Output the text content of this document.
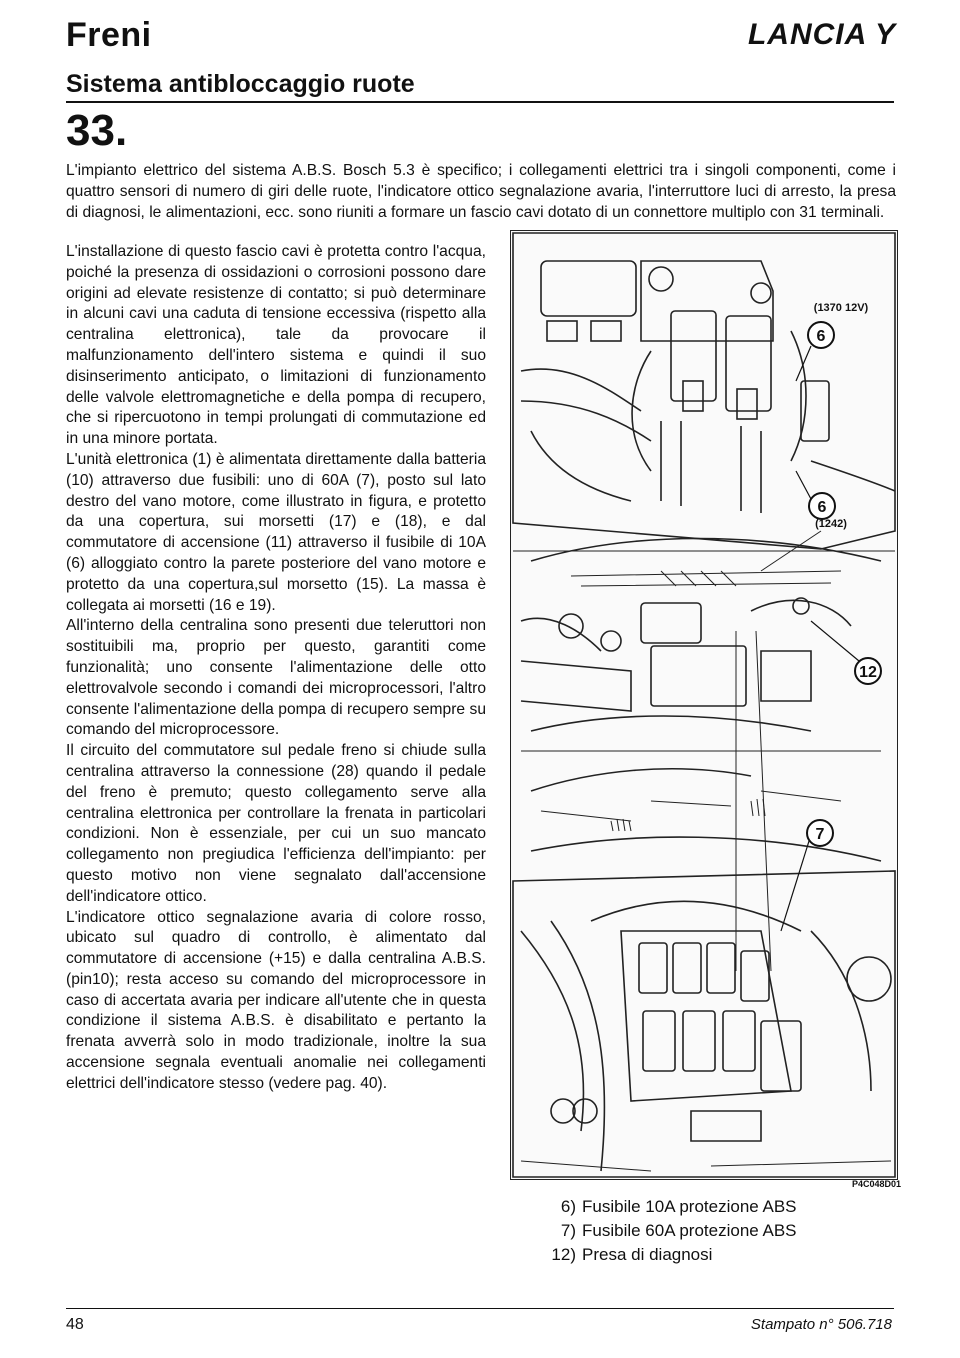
Freni	LANCIA Y
Sistema antibloccaggio ruote
33.

L'impianto elettrico del sistema A.B.S. Bosch 5.3 è specifico; i collegamenti elettrici tra i singoli componenti, come i quattro sensori di numero di giri delle ruote, l'indicatore ottico segnalazione avaria, l'interruttore luci di arresto, la presa di diagnosi, le alimentazioni, ecc. sono riuniti a formare un fascio cavi dotato di un connettore multiplo con 31 terminali.

L'installazione di questo fascio cavi è protetta contro l'acqua, poiché la presenza di ossidazioni o corrosioni possono dare origini ad elevate resistenze di contatto; si può determinare in alcuni cavi una caduta di tensione eccessiva (rispetto alla centralina elettronica), tale da provocare il malfunzionamento dell'intero sistema e quindi il suo disinserimento anticipato, o limitazioni di funzionamento delle valvole elettromagnetiche e della pompa di recupero, che si ripercuotono in tempi prolungati di commutazione ed in una minore portata.

L'unità elettronica (1) è alimentata direttamente dalla batteria (10) attraverso due fusibili: uno di 60A (7), posto sul lato destro del vano motore, come illustrato in figura, e protetto da una copertura, sui morsetti (17) e (18), e dal commutatore di accensione (11) attraverso il fusibile di 10A (6) alloggiato contro la parete posteriore del vano motore e protetto da una copertura,sul morsetto (15). La massa è collegata ai morsetti (16 e 19).

All'interno della centralina sono presenti due teleruttori non sostituibili ma, proprio per questo, garantiti come funzionalità; uno consente l'alimentazione delle otto elettrovalvole secondo i comandi dei microprocessori, l'altro consente l'alimentazione della pompa di recupero sempre su comando del microprocessore.

Il circuito del commutatore sul pedale freno si chiude sulla centralina attraverso la connessione (28) quando il pedale del freno è premuto; questo collegamento serve alla centralina elettronica per controllare la frenata in particolari condizioni. Non è essenziale, per cui un suo mancato collegamento non pregiudica l'efficienza dell'impianto: per questo motivo non viene segnalato dall'accensione dell'indicatore ottico.

L'indicatore ottico segnalazione avaria di colore rosso, ubicato sul quadro di controllo, è alimentato dal commutatore di accensione (+15) e dalla centralina A.B.S. (pin10); resta acceso su comando del microprocessore in caso di accertata avaria per indicare all'utente che in questa condizione il sistema A.B.S. è disabilitato e pertanto la frenata avverrà solo in modo tradizionale, inoltre la sua accensione segnala eventuali anomalie nei collegamenti elettrici dell'indicatore stesso (vedere pag. 40).

6
(1370 12V)
6
(1242)
12
7
P4C048D01
6) Fusibile 10A protezione ABS
7) Fusibile 60A protezione ABS
12) Presa di diagnosi
48	Stampato n° 506.718
